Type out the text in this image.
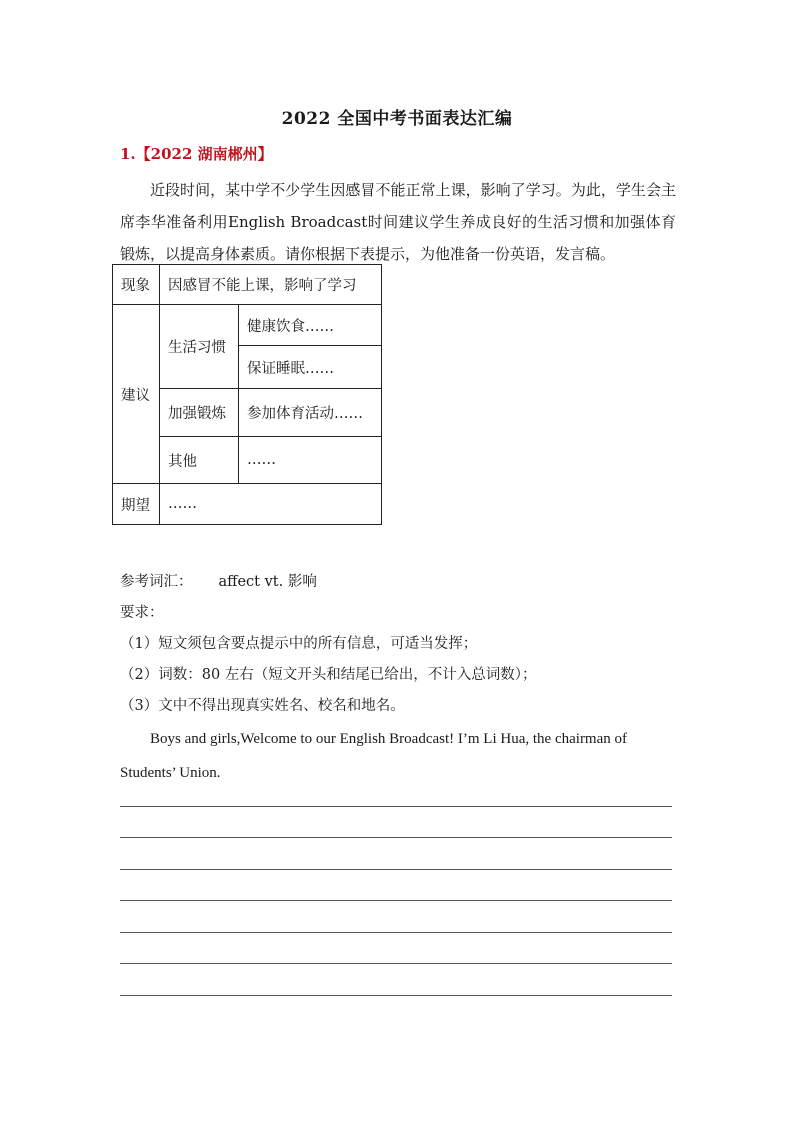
2022 全国中考书面表达汇编
1.【2022 湖南郴州】
近段时间，某中学不少学生因感冒不能正常上课，影响了学习。为此，学生会主席李华准备利用English Broadcast时间建议学生养成良好的生活习惯和加强体育锻炼，以提高身体素质。请你根据下表提示，为他准备一份英语，发言稿。
现象	因感冒不能上课，影响了学习	
建议	生活习惯	健康饮食……
		保证睡眠……
	加强锻炼	参加体育活动……
	其他	……
期望	……	
参考词汇： affect vt. 影响
要求：
（1）短文须包含要点提示中的所有信息，可适当发挥；
（2）词数：80 左右（短文开头和结尾已给出，不计入总词数）；
（3）文中不得出现真实姓名、校名和地名。
Boys and girls,Welcome to our English Broadcast! I’m Li Hua, the chairman of Students’ Union.
